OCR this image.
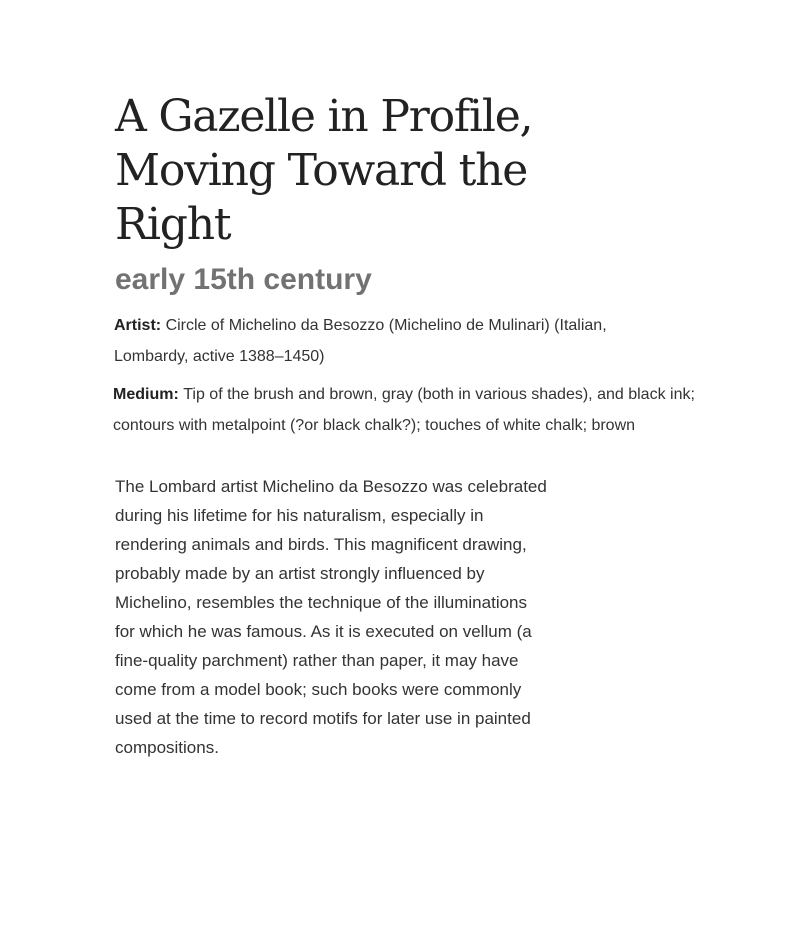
A Gazelle in Profile, Moving Toward the Right
early 15th century

Artist: Circle of Michelino da Besozzo (Michelino de Mulinari) (Italian, Lombardy, active 1388–1450)

Medium: Tip of the brush and brown, gray (both in various shades), and black ink; contours with metalpoint (?or black chalk?); touches of white chalk; brown

The Lombard artist Michelino da Besozzo was celebrated during his lifetime for his naturalism, especially in rendering animals and birds. This magnificent drawing, probably made by an artist strongly influenced by Michelino, resembles the technique of the illuminations for which he was famous. As it is executed on vellum (a fine-quality parchment) rather than paper, it may have come from a model book; such books were commonly used at the time to record motifs for later use in painted compositions.
